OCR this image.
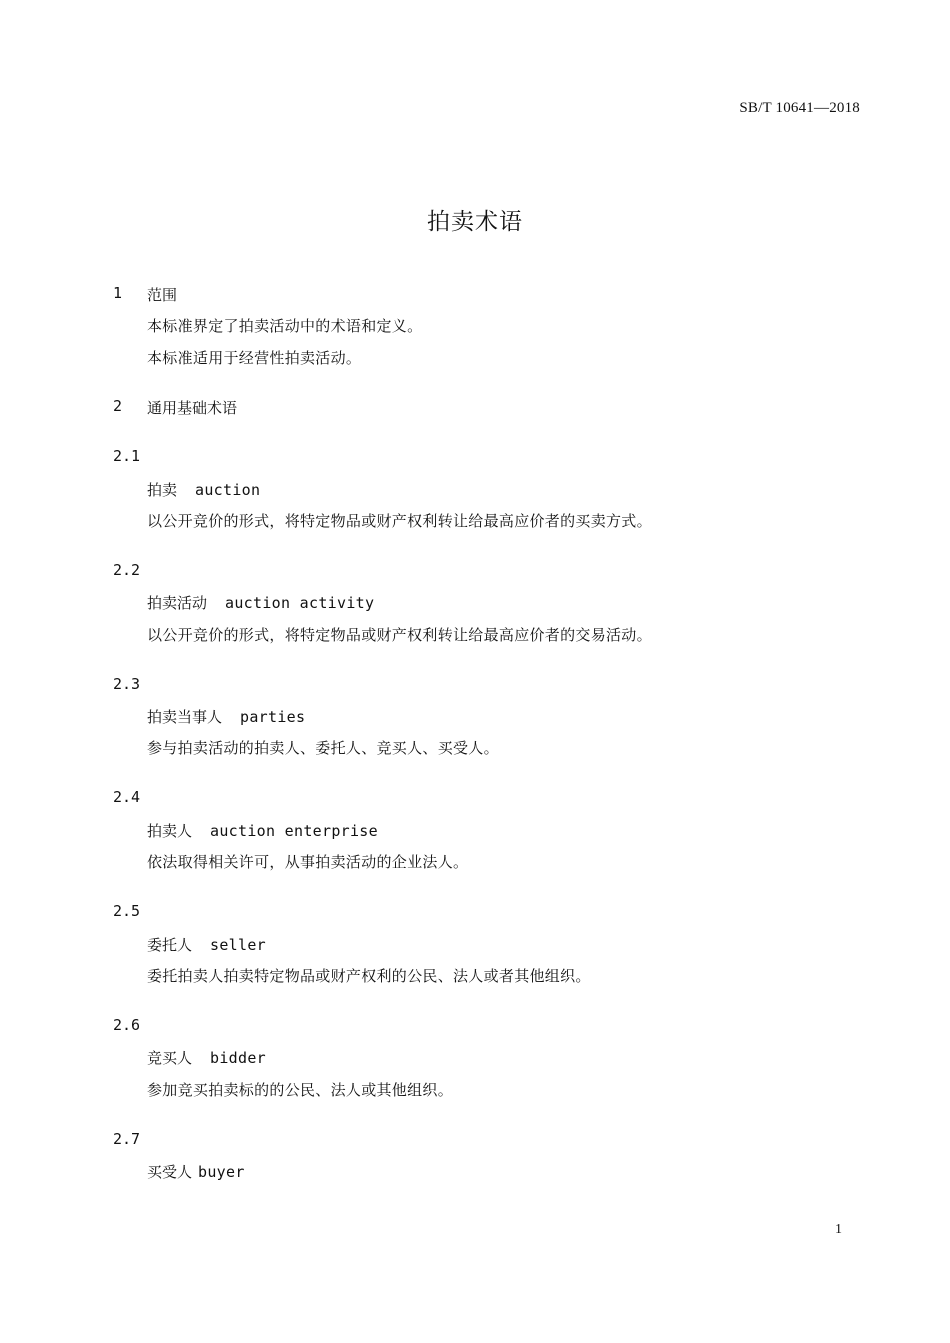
SB/T 10641—2018
拍卖术语
1 范围
本标准界定了拍卖活动中的术语和定义。
本标准适用于经营性拍卖活动。
2 通用基础术语
2.1
拍卖 auction
以公开竞价的形式，将特定物品或财产权利转让给最高应价者的买卖方式。
2.2
拍卖活动 auction activity
以公开竞价的形式，将特定物品或财产权利转让给最高应价者的交易活动。
2.3
拍卖当事人 parties
参与拍卖活动的拍卖人、委托人、竞买人、买受人。
2.4
拍卖人 auction enterprise
依法取得相关许可，从事拍卖活动的企业法人。
2.5
委托人 seller
委托拍卖人拍卖特定物品或财产权利的公民、法人或者其他组织。
2.6
竞买人 bidder
参加竞买拍卖标的的公民、法人或其他组织。
2.7
买受人 buyer
1
